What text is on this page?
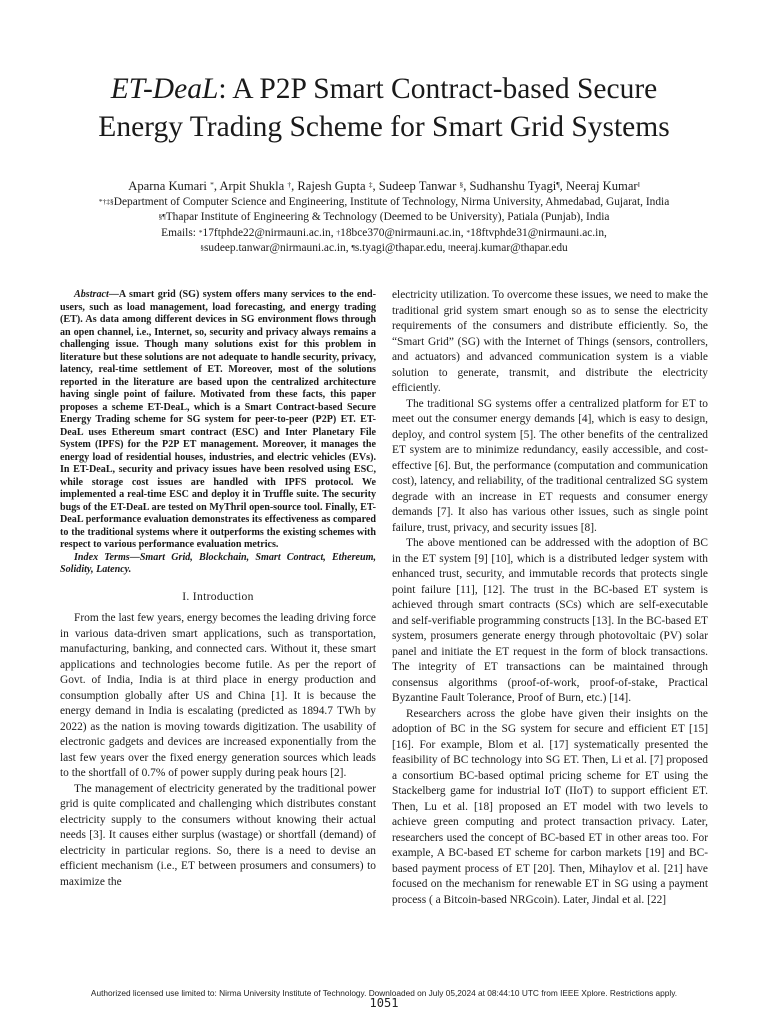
ET-DeaL: A P2P Smart Contract-based Secure
Energy Trading Scheme for Smart Grid Systems
Aparna Kumari *, Arpit Shukla †, Rajesh Gupta ‡, Sudeep Tanwar §, Sudhanshu Tyagi¶, Neeraj Kumar‖
*†‡§Department of Computer Science and Engineering, Institute of Technology, Nirma University, Ahmedabad, Gujarat, India
§¶Thapar Institute of Engineering & Technology (Deemed to be University), Patiala (Punjab), India
Emails: *17ftphde22@nirmauni.ac.in, †18bce370@nirmauni.ac.in, *18ftvphde31@nirmauni.ac.in,
§sudeep.tanwar@nirmauni.ac.in, ¶s.tyagi@thapar.edu, ‖neeraj.kumar@thapar.edu

Abstract—A smart grid (SG) system offers many services to the end-users, such as load management, load forecasting, and energy trading (ET). As data among different devices in SG environment flows through an open channel, i.e., Internet, so, security and privacy always remains a challenging issue. Though many solutions exist for this problem in literature but these solutions are not adequate to handle security, privacy, latency, real-time settlement of ET. Moreover, most of the solutions reported in the literature are based upon the centralized architecture having single point of failure. Motivated from these facts, this paper proposes a scheme ET-DeaL, which is a Smart Contract-based Secure Energy Trading scheme for SG system for peer-to-peer (P2P) ET. ET-DeaL uses Ethereum smart contract (ESC) and Inter Planetary File System (IPFS) for the P2P ET management. Moreover, it manages the energy load of residential houses, industries, and electric vehicles (EVs). In ET-DeaL, security and privacy issues have been resolved using ESC, while storage cost issues are handled with IPFS protocol. We implemented a real-time ESC and deploy it in Truffle suite. The security bugs of the ET-DeaL are tested on MyThril open-source tool. Finally, ET-DeaL performance evaluation demonstrates its effectiveness as compared to the traditional systems where it outperforms the existing schemes with respect to various performance evaluation metrics.

Index Terms—Smart Grid, Blockchain, Smart Contract, Ethereum, Solidity, Latency.

I. Introduction

From the last few years, energy becomes the leading driving force in various data-driven smart applications, such as transportation, manufacturing, banking, and connected cars. Without it, these smart applications and technologies become futile. As per the report of Govt. of India, India is at third place in energy production and consumption globally after US and China [1]. It is because the energy demand in India is escalating (predicted as 1894.7 TWh by 2022) as the nation is moving towards digitization. The usability of electronic gadgets and devices are increased exponentially from the last few years over the fixed energy generation sources which leads to the shortfall of 0.7% of power supply during peak hours [2].

The management of electricity generated by the traditional power grid is quite complicated and challenging which distributes constant electricity supply to the consumers without knowing their actual needs [3]. It causes either surplus (wastage) or shortfall (demand) of electricity in particular regions. So, there is a need to devise an efficient mechanism (i.e., ET between prosumers and consumers) to maximize the

electricity utilization. To overcome these issues, we need to make the traditional grid system smart enough so as to sense the electricity requirements of the consumers and distribute efficiently. So, the “Smart Grid” (SG) with the Internet of Things (sensors, controllers, and actuators) and advanced communication system is a viable solution to generate, transmit, and distribute the electricity efficiently.

The traditional SG systems offer a centralized platform for ET to meet out the consumer energy demands [4], which is easy to design, deploy, and control system [5]. The other benefits of the centralized ET system are to minimize redundancy, easily accessible, and cost-effective [6]. But, the performance (computation and communication cost), latency, and reliability, of the traditional centralized SG system degrade with an increase in ET requests and consumer energy demands [7]. It also has various other issues, such as single point failure, trust, privacy, and security issues [8].

The above mentioned can be addressed with the adoption of BC in the ET system [9] [10], which is a distributed ledger system with enhanced trust, security, and immutable records that protects single point failure [11], [12]. The trust in the BC-based ET system is achieved through smart contracts (SCs) which are self-executable and self-verifiable programming constructs [13]. In the BC-based ET system, prosumers generate energy through photovoltaic (PV) solar panel and initiate the ET request in the form of block transactions. The integrity of ET transactions can be maintained through consensus algorithms (proof-of-work, proof-of-stake, Practical Byzantine Fault Tolerance, Proof of Burn, etc.) [14].

Researchers across the globe have given their insights on the adoption of BC in the SG system for secure and efficient ET [15] [16]. For example, Blom et al. [17] systematically presented the feasibility of BC technology into SG ET. Then, Li et al. [7] proposed a consortium BC-based optimal pricing scheme for ET using the Stackelberg game for industrial IoT (IIoT) to support efficient ET. Then, Lu et al. [18] proposed an ET model with two levels to achieve green computing and protect transaction privacy. Later, researchers used the concept of BC-based ET in other areas too. For example, A BC-based ET scheme for carbon markets [19] and BC-based payment process of ET [20]. Then, Mihaylov et al. [21] have focused on the mechanism for renewable ET in SG using a payment process ( a Bitcoin-based NRGcoin). Later, Jindal et al. [22]

Authorized licensed use limited to: Nirma University Institute of Technology. Downloaded on July 05,2024 at 08:44:10 UTC from IEEE Xplore. Restrictions apply.
1051
